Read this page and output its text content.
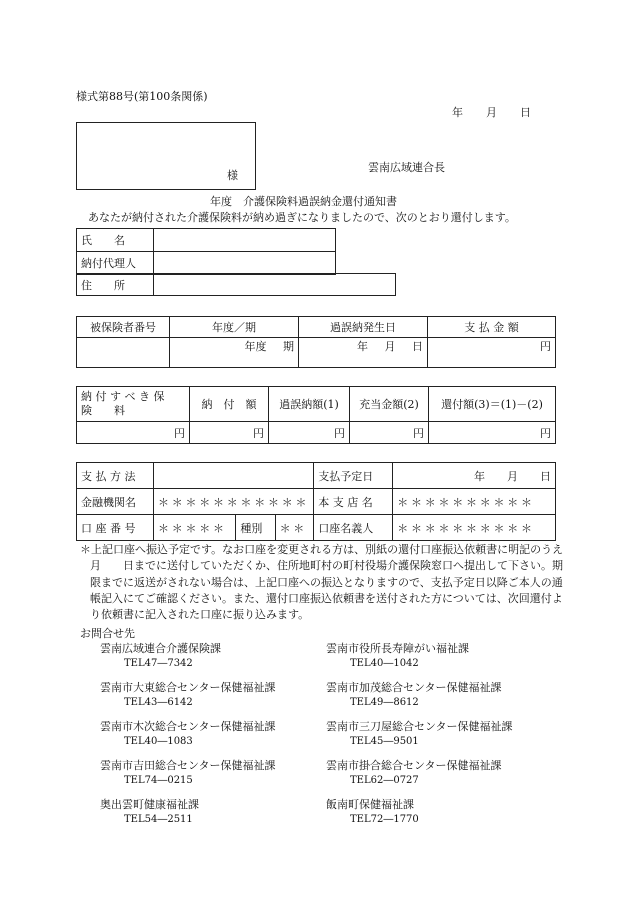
様式第88号(第100条関係)
年 月 日
様
雲南広域連合長
年度　介護保険料過誤納金還付通知書
あなたが納付された介護保険料が納め過ぎになりましたので、次のとおり還付します。
氏　　名	
納付代理人	
住　　所	
被保険者番号	年度／期	過誤納発生日	支 払 金 額
	年度   期	年   月   日	円
納 付 す べ き 保　　険　　料	納　付　額	過誤納額(1)	充当金額(2)	還付額(3)＝(1)－(2)
円	円	円	円	円
支 払 方 法				支払予定日	年   月   日
金融機関名	＊＊＊＊＊＊＊＊＊＊＊			本 支 店 名	＊＊＊＊＊＊＊＊＊＊
口 座 番 号	＊＊＊＊＊	種別	＊＊	口座名義人	＊＊＊＊＊＊＊＊＊＊
＊上記口座へ振込予定です。なお口座を変更される方は、別紙の還付口座振込依頼書に明記のうえ　　月　　日までに送付していただくか、住所地町村の町村役場介護保険窓口へ提出して下さい。期限までに返送がされない場合は、上記口座への振込となりますので、支払予定日以降ご本人の通帳記入にてご確認ください。また、還付口座振込依頼書を送付された方については、次回還付より依頼書に記入された口座に振り込みます。
お問合せ先
雲南広域連合介護保険課
TEL47―7342
雲南市役所長寿障がい福祉課
TEL40―1042
雲南市大東総合センター保健福祉課
TEL43―6142
雲南市加茂総合センター保健福祉課
TEL49―8612
雲南市木次総合センター保健福祉課
TEL40―1083
雲南市三刀屋総合センター保健福祉課
TEL45―9501
雲南市吉田総合センター保健福祉課
TEL74―0215
雲南市掛合総合センター保健福祉課
TEL62―0727
奥出雲町健康福祉課
TEL54―2511
飯南町保健福祉課
TEL72―1770
